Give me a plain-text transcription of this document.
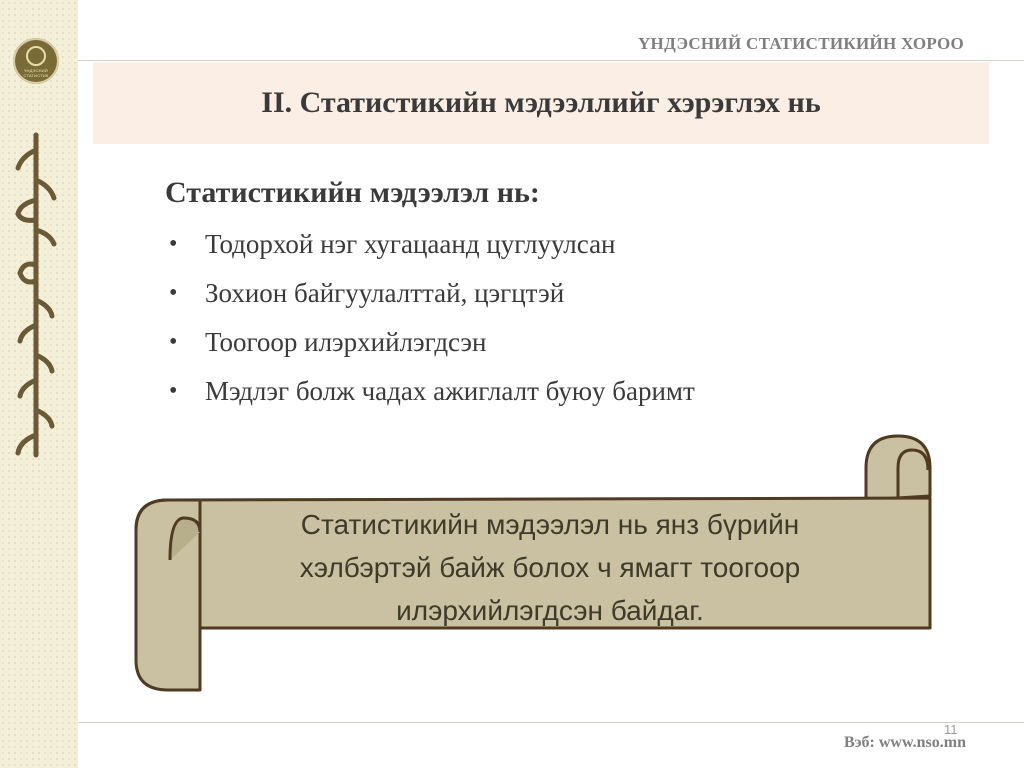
ҮНДЭСНИЙ СТАТИСТИК
ҮНДЭСНИЙ СТАТИСТИКИЙН ХОРОО
II. Статистикийн мэдээллийг хэрэглэх нь
Статистикийн мэдээлэл нь:
• Тодорхой нэг хугацаанд цуглуулсан
• Зохион байгуулалттай, цэгцтэй
• Тоогоор илэрхийлэгдсэн
• Мэдлэг болж чадах ажиглалт буюу баримт
Статистикийн мэдээлэл нь янз бүрийн
хэлбэртэй байж болох ч ямагт тоогоор
илэрхийлэгдсэн байдаг.
11
Вэб: www.nso.mn
